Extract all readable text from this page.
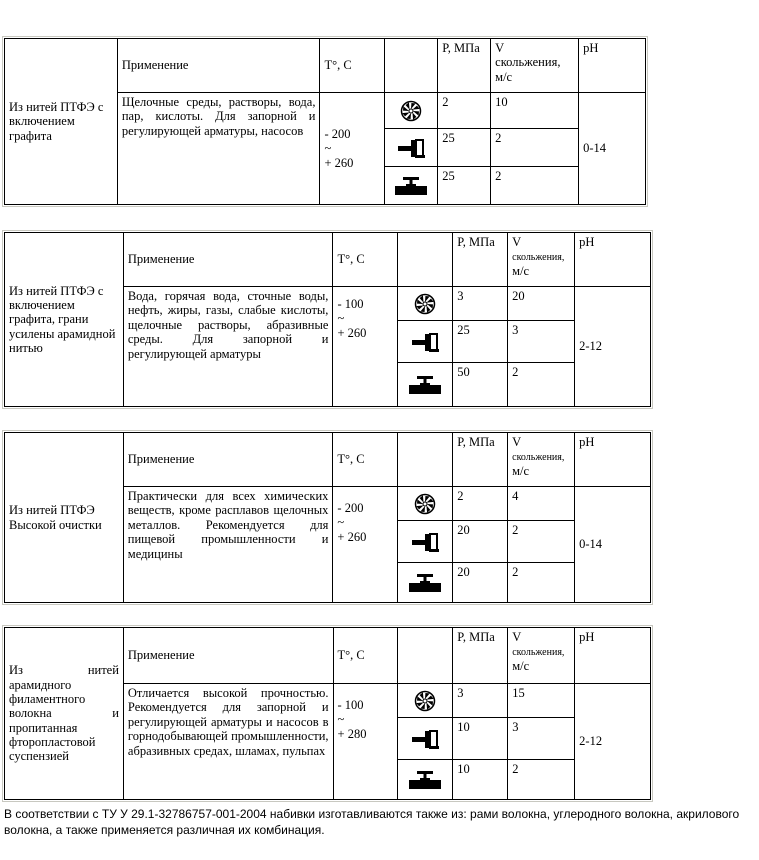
Из нитей ПТФЭ с включением графита	Применение	T°, C		P, МПа	V
скольжения,
м/с	pH
	Щелочные среды, растворы, вода, пар, кислоты. Для запорной и регулирующей арматуры, насосов	- 200
~
+ 260		2	10	0-14

	25	2	

	25	2	
Из нитей ПТФЭ с включением графита, грани усилены арамидной нитью	Применение	T°, C		P, МПа	V
скольжения,
м/с	pH
	Вода, горячая вода, сточные воды, нефть, жиры, газы, слабые кислоты, щелочные растворы, абразивные среды. Для запорной и регулирующей арматуры	- 100
~
+ 260		3	20	2-12

	25	3	

	50	2	
Из нитей ПТФЭ Высокой очистки	Применение	T°, C		P, МПа	V
скольжения,
м/с	pH
	Практически для всех химических веществ, кроме расплавов щелочных металлов. Рекомендуется для пищевой промышленности и медицины	- 200
~
+ 260		2	4	0-14

	20	2	

	20	2	
Из нитей арамидного филаментного волокна и пропитанная фторопластовой суспензией	Применение	T°, C		P, МПа	V
скольжения,
м/с	pH
	Отличается высокой прочностью. Рекомендуется для запорной и регулирующей арматуры и насосов в горнодобывающей промышленности, абразивных средах, шламах, пульпах	- 100
~
+ 280		3	15	2-12

	10	3	

	10	2	
В соответствии с ТУ У 29.1-32786757-001-2004 набивки изготавливаются также из: рами волокна, углеродного волокна, акрилового волокна, а также применяется различная их комбинация.
